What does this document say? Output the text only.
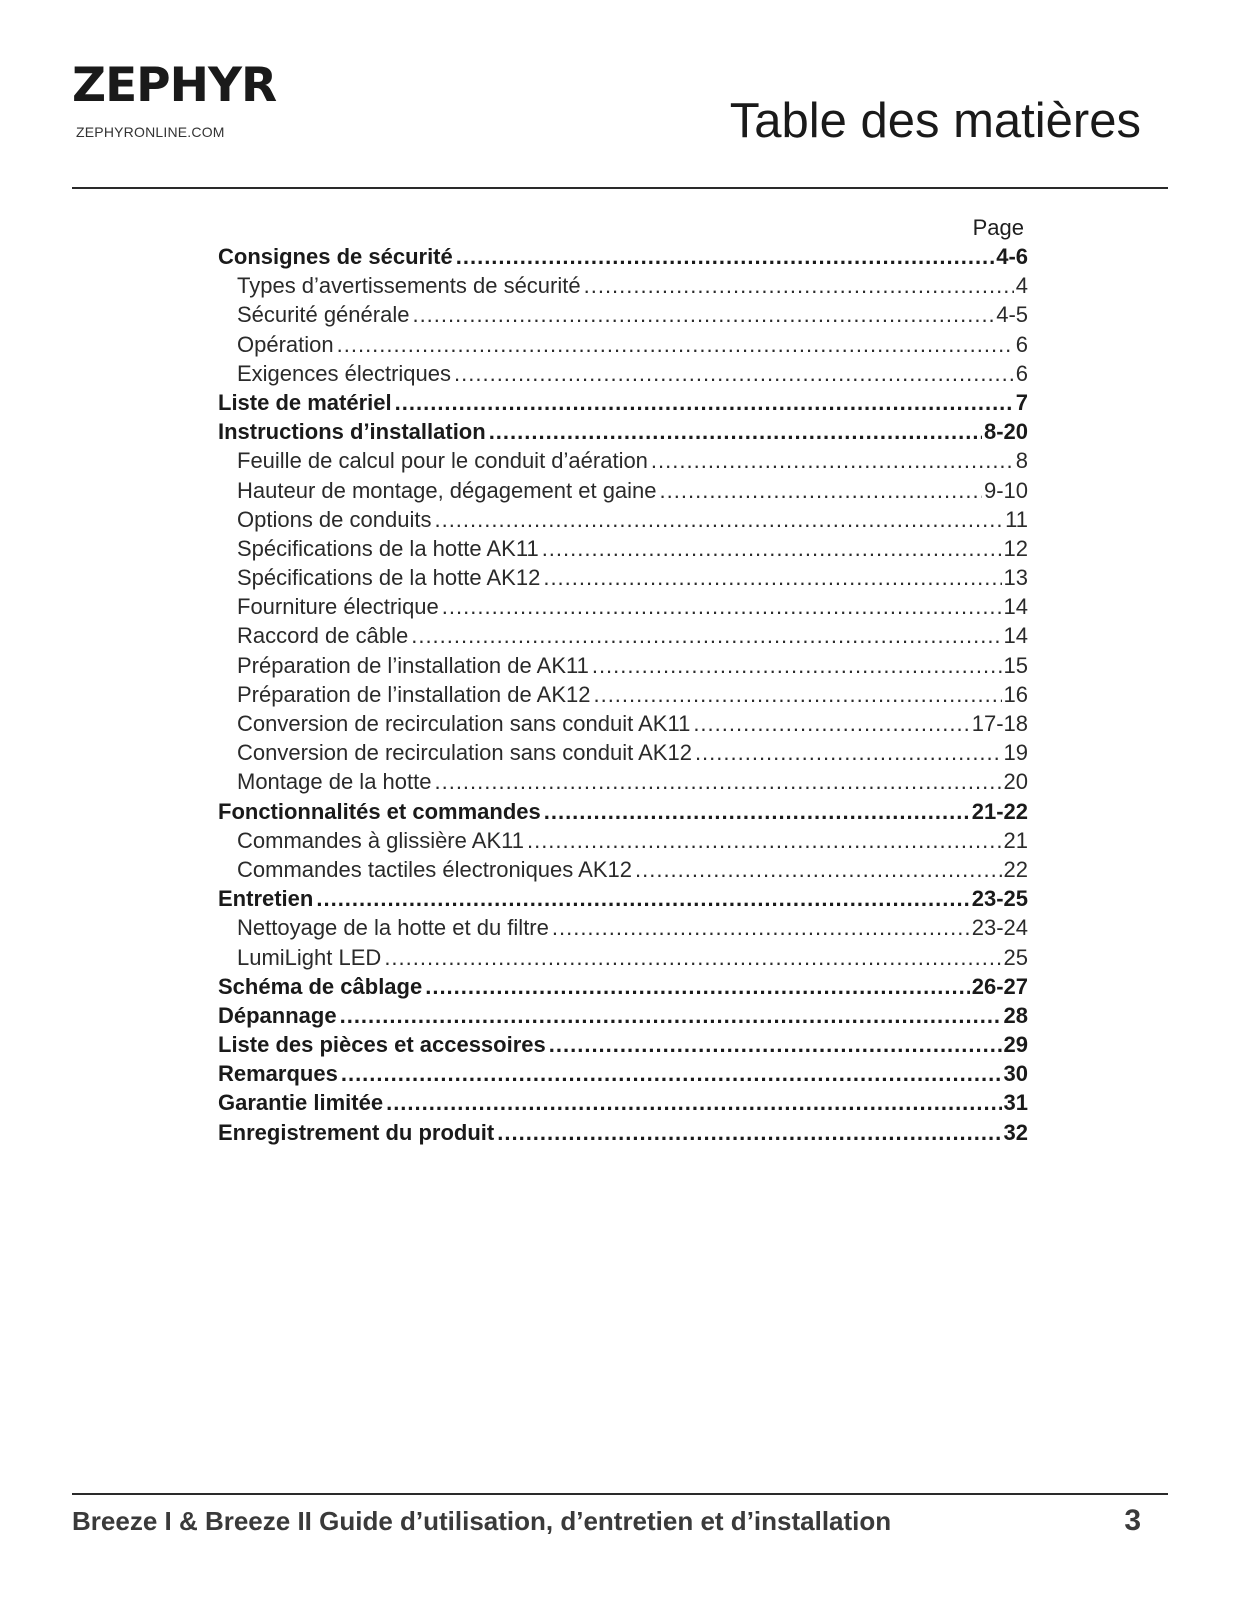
ZEPHYR
ZEPHYRONLINE.COM	Table des matières
Page
Consignes de sécurité .....	4-6
Types d’avertissements de sécurité .....	4
Sécurité générale .....	4-5
Opération .....	6
Exigences électriques .....	6
Liste de matériel .....	7
Instructions d’installation .....	8-20
Feuille de calcul pour le conduit d’aération .....	8
Hauteur de montage, dégagement et gaine .....	9-10
Options de conduits .....	11
Spécifications de la hotte AK11 .....	12
Spécifications de la hotte AK12 .....	13
Fourniture électrique .....	14
Raccord de câble .....	14
Préparation de l’installation de AK11 .....	15
Préparation de l’installation de AK12 .....	16
Conversion de recirculation sans conduit AK11 .....	17-18
Conversion de recirculation sans conduit AK12 .....	19
Montage de la hotte .....	20
Fonctionnalités et commandes .....	21-22
Commandes à glissière AK11 .....	21
Commandes tactiles électroniques AK12 .....	22
Entretien .....	23-25
Nettoyage de la hotte et du filtre .....	23-24
LumiLight LED .....	25
Schéma de câblage .....	26-27
Dépannage .....	28
Liste des pièces et accessoires .....	29
Remarques .....	30
Garantie limitée .....	31
Enregistrement du produit .....	32
Breeze I & Breeze II Guide d’utilisation, d’entretien et d’installation	3
